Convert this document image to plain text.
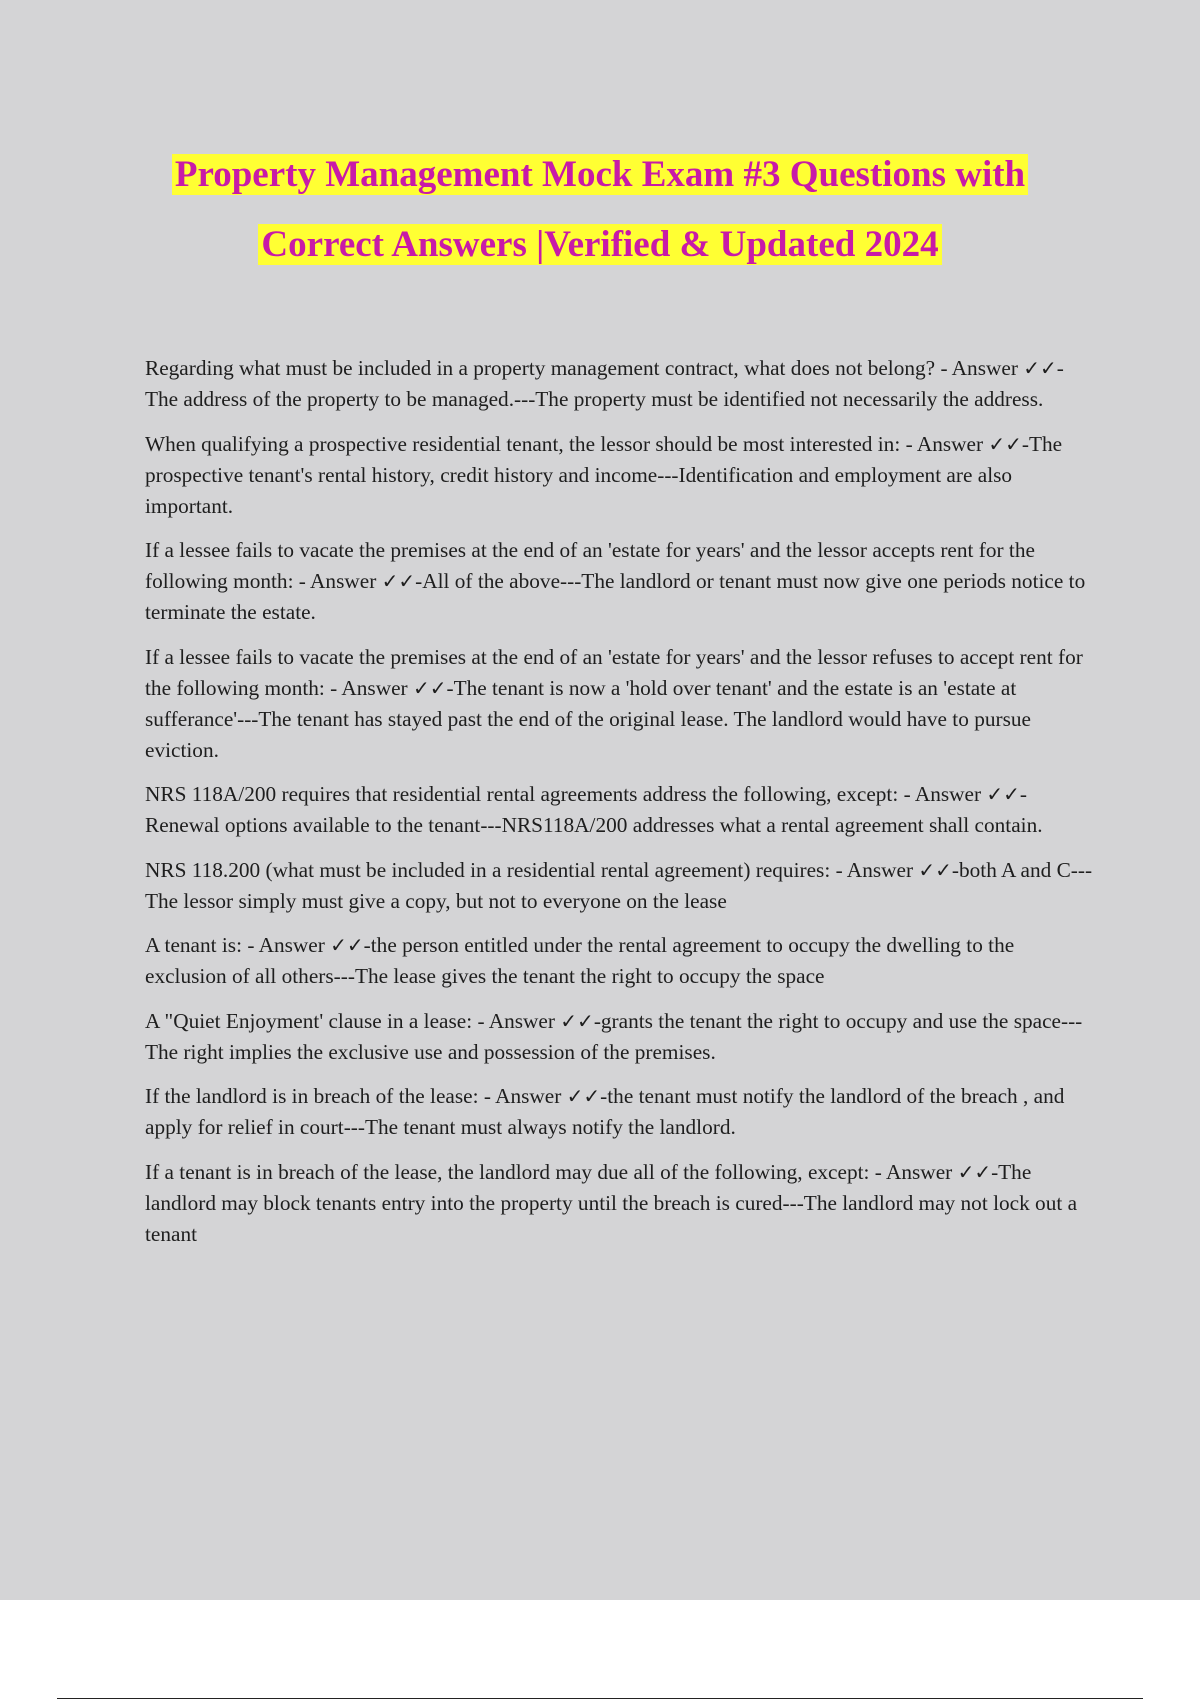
Property Management Mock Exam #3 Questions with
Correct Answers |Verified & Updated 2024

Regarding what must be included in a property management contract, what does not belong? - Answer ✓✓-The address of the property to be managed.---The property must be identified not necessarily the address.

When qualifying a prospective residential tenant, the lessor should be most interested in: - Answer ✓✓-The prospective tenant's rental history, credit history and income---Identification and employment are also important.

If a lessee fails to vacate the premises at the end of an 'estate for years' and the lessor accepts rent for the following month: - Answer ✓✓-All of the above---The landlord or tenant must now give one periods notice to terminate the estate.

If a lessee fails to vacate the premises at the end of an 'estate for years' and the lessor refuses to accept rent for the following month: - Answer ✓✓-The tenant is now a 'hold over tenant' and the estate is an 'estate at sufferance'---The tenant has stayed past the end of the original lease. The landlord would have to pursue eviction.

NRS 118A/200 requires that residential rental agreements address the following, except: - Answer ✓✓-Renewal options available to the tenant---NRS118A/200 addresses what a rental agreement shall contain.

NRS 118.200 (what must be included in a residential rental agreement) requires: - Answer ✓✓-both A and C---The lessor simply must give a copy, but not to everyone on the lease

A tenant is: - Answer ✓✓-the person entitled under the rental agreement to occupy the dwelling to the exclusion of all others---The lease gives the tenant the right to occupy the space

A "Quiet Enjoyment' clause in a lease: - Answer ✓✓-grants the tenant the right to occupy and use the space---The right implies the exclusive use and possession of the premises.

If the landlord is in breach of the lease: - Answer ✓✓-the tenant must notify the landlord of the breach , and apply for relief in court---The tenant must always notify the landlord.

If a tenant is in breach of the lease, the landlord may due all of the following, except: - Answer ✓✓-The landlord may block tenants entry into the property until the breach is cured---The landlord may not lock out a tenant
